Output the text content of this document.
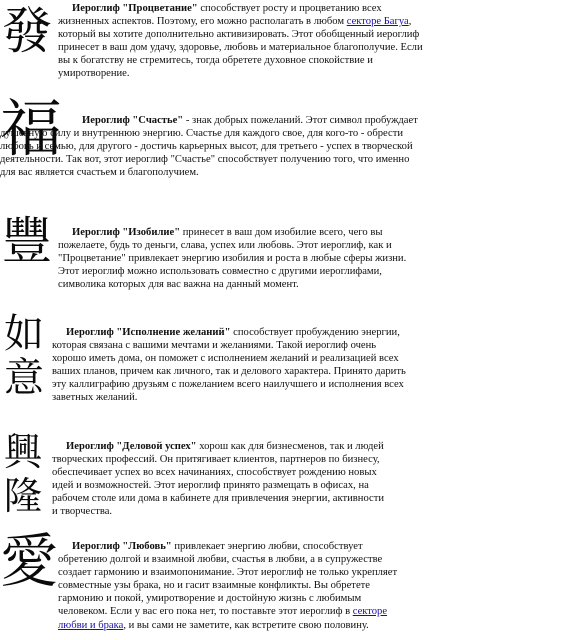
發	Иероглиф "Процветание" способствует росту и процветанию всех жизненных аспектов. Поэтому, его можно располагать в любом секторе Багуа, который вы хотите дополнительно активизировать. Этот обобщенный иероглиф принесет в ваш дом удачу, здоровье, любовь и материальное благополучие. Если вы к богатству не стремитесь, тогда обретете духовное спокойствие и умиротворение.
福	Иероглиф "Счастье" - знак добрых пожеланий. Этот символ пробуждает душевную силу и внутреннюю энергию. Счастье для каждого свое, для кого-то - обрести любовь и семью, для другого - достичь карьерных высот, для третьего - успех в творческой деятельности. Так вот, этот иероглиф "Счастье" способствует получению того, что именно для вас является счастьем и благополучием.
豐	Иероглиф "Изобилие" принесет в ваш дом изобилие всего, чего вы пожелаете, будь то деньги, слава, успех или любовь. Этот иероглиф, как и "Процветание" привлекает энергию изобилия и роста в любые сферы жизни. Этот иероглиф можно использовать совместно с другими иероглифами, символика которых для вас важна на данный момент.
如意
Иероглиф "Исполнение желаний" способствует пробуждению энергии, которая связана с вашими мечтами и желаниями. Такой иероглиф очень хорошо иметь дома, он поможет с исполнением желаний и реализацией всех ваших планов, причем как личного, так и делового характера. Принято дарить эту каллиграфию друзьям с пожеланием всего наилучшего и исполнения всех заветных желаний.
興隆
Иероглиф "Деловой успех" хорош как для бизнесменов, так и людей творческих профессий. Он притягивает клиентов, партнеров по бизнесу, обеспечивает успех во всех начинаниях, способствует рождению новых идей и возможностей. Этот иероглиф принято размещать в офисах, на рабочем столе или дома в кабинете для привлечения энергии, активности и творчества.
愛	Иероглиф "Любовь" привлекает энергию любви, способствует обретению долгой и взаимной любви, счастья в любви, а в супружестве создает гармонию и взаимопонимание. Этот иероглиф не только укрепляет совместные узы брака, но и гасит взаимные конфликты. Вы обретете гармонию и покой, умиротворение и достойную жизнь с любимым человеком. Если у вас его пока нет, то поставьте этот иероглиф в секторе любви и брака, и вы сами не заметите, как встретите свою половину.
